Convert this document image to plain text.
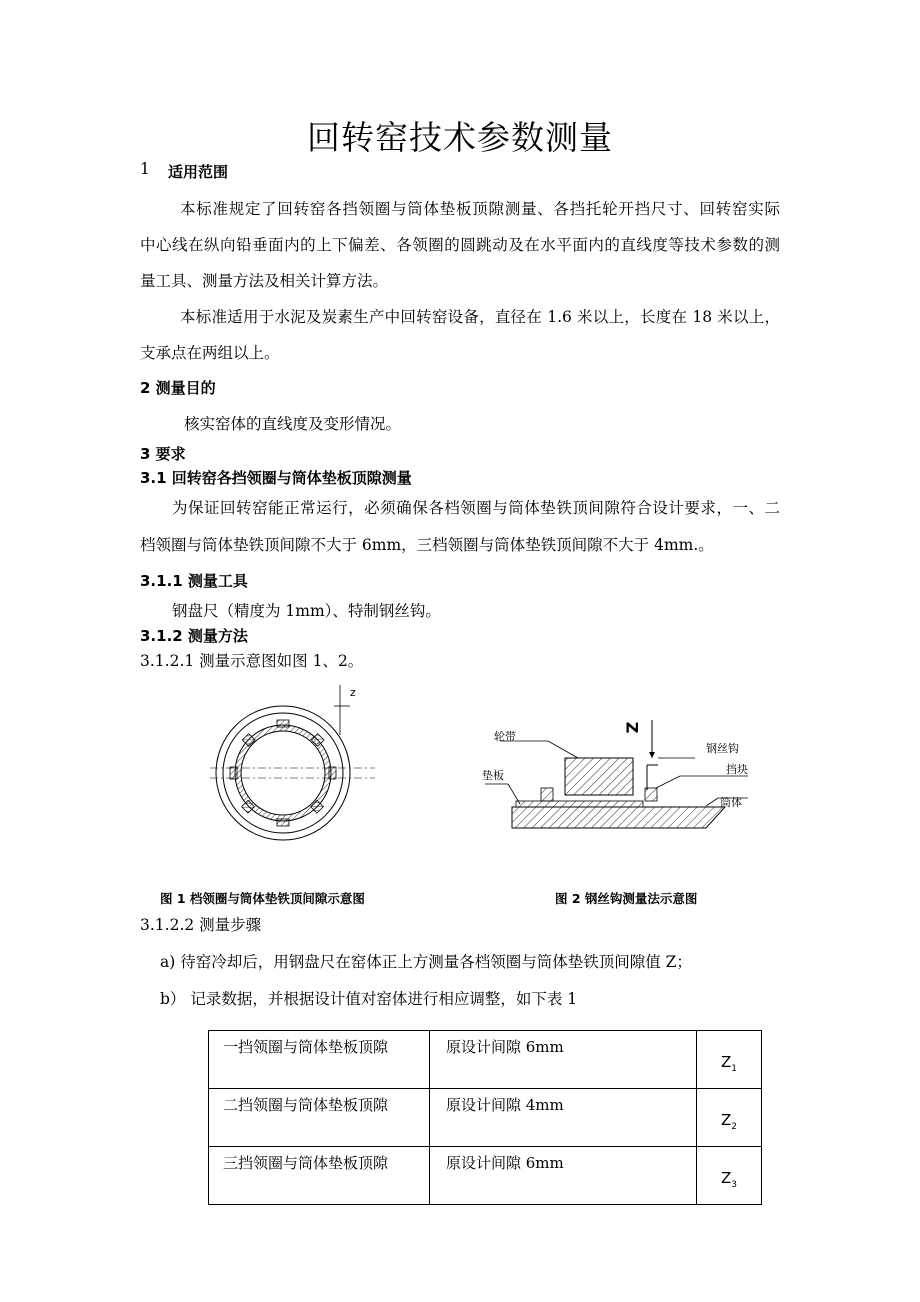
回转窑技术参数测量
1 适用范围
本标准规定了回转窑各挡领圈与筒体垫板顶隙测量、各挡托轮开挡尺寸、回转窑实际
中心线在纵向铅垂面内的上下偏差、各领圈的圆跳动及在水平面内的直线度等技术参数的测
量工具、测量方法及相关计算方法。
本标准适用于水泥及炭素生产中回转窑设备，直径在 1.6 米以上，长度在 18 米以上，
支承点在两组以上。
2 测量目的
核实窑体的直线度及变形情况。
3 要求
3.1 回转窑各挡领圈与筒体垫板顶隙测量
为保证回转窑能正常运行，必须确保各档领圈与筒体垫铁顶间隙符合设计要求，一、二
档领圈与筒体垫铁顶间隙不大于 6mm，三档领圈与筒体垫铁顶间隙不大于 4mm.。
3.1.1 测量工具
钢盘尺（精度为 1mm）、特制钢丝钩。
3.1.2 测量方法
3.1.2.1 测量示意图如图 1、2。
z
图 1 档领圈与筒体垫铁顶间隙示意图
Z
轮带
钢丝钩
挡块
垫板
筒体
图 2 钢丝钩测量法示意图
3.1.2.2 测量步骤
a) 待窑冷却后，用钢盘尺在窑体正上方测量各档领圈与筒体垫铁顶间隙值 Z；
b） 记录数据，并根据设计值对窑体进行相应调整，如下表 1
一挡领圈与筒体垫板顶隙	原设计间隙 6mm	$Z_1$
二挡领圈与筒体垫板顶隙	原设计间隙 4mm	$Z_2$
三挡领圈与筒体垫板顶隙	原设计间隙 6mm	$Z_3$
